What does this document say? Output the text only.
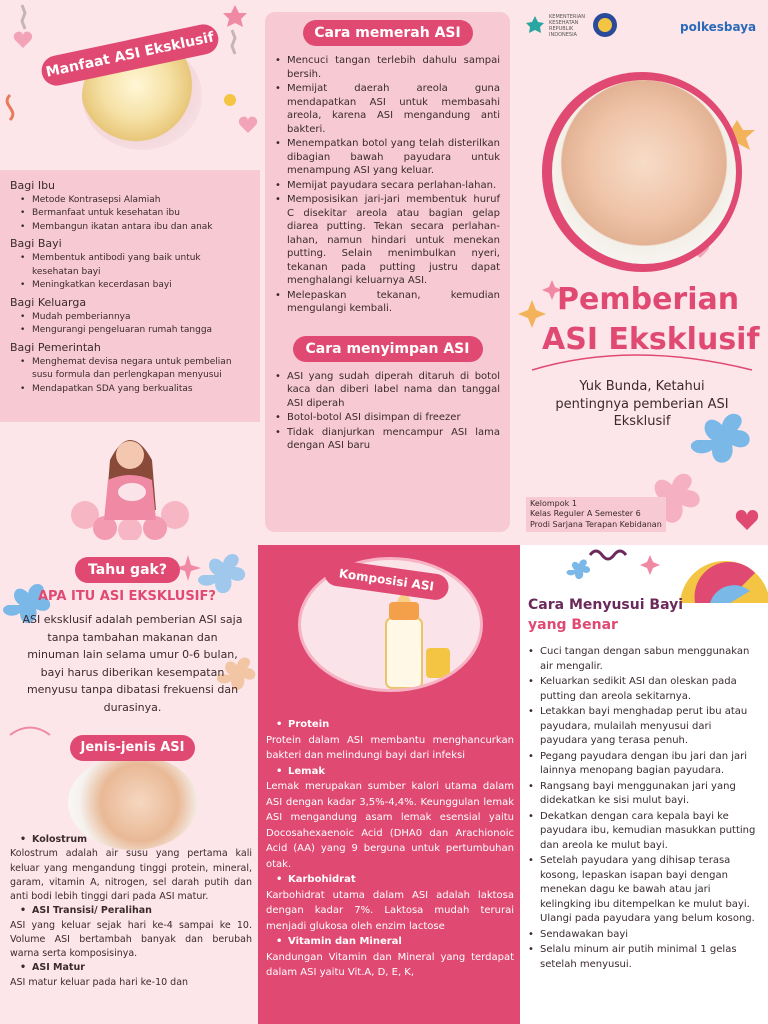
Manfaat ASI Eksklusif
Bagi Ibu
• Metode Kontrasepsi Alamiah
• Bermanfaat untuk kesehatan ibu
• Membangun ikatan antara ibu dan anak
Bagi Bayi
• Membentuk antibodi yang baik untuk kesehatan bayi
• Meningkatkan kecerdasan bayi
Bagi Keluarga
• Mudah pemberiannya
• Mengurangi pengeluaran rumah tangga
Bagi Pemerintah
• Menghemat devisa negara untuk pembelian susu formula dan perlengkapan menyusui
• Mendapatkan SDA yang berkualitas
Cara memerah ASI
• Mencuci tangan terlebih dahulu sampai bersih.
• Memijat daerah areola guna mendapatkan ASI untuk membasahi areola, karena ASI mengandung anti bakteri.
• Menempatkan botol yang telah disterilkan dibagian bawah payudara untuk menampung ASI yang keluar.
• Memijat payudara secara perlahan-lahan.
• Memposisikan jari-jari membentuk huruf C disekitar areola atau bagian gelap diarea putting. Tekan secara perlahan-lahan, namun hindari untuk menekan putting. Selain menimbulkan nyeri, tekanan pada putting justru dapat menghalangi keluarnya ASI.
• Melepaskan tekanan, kemudian mengulangi kembali.
Cara menyimpan ASI
• ASI yang sudah diperah ditaruh di botol kaca dan diberi label nama dan tanggal ASI diperah
• Botol-botol ASI disimpan di freezer
• Tidak dianjurkan mencampur ASI lama dengan ASI baru
KEMENTERIAN KESEHATAN REPUBLIK INDONESIA
polkesbaya
Pemberian
ASI Eksklusif
Yuk Bunda, Ketahui pentingnya pemberian ASI Eksklusif
Kelompok 1
Kelas Reguler A Semester 6
Prodi Sarjana Terapan Kebidanan
Tahu gak?
APA ITU ASI EKSKLUSIF?
ASI eksklusif adalah pemberian ASI saja tanpa tambahan makanan dan minuman lain selama umur 0-6 bulan, bayi harus diberikan kesempatan menyusu tanpa dibatasi frekuensi dan durasinya.
Jenis-jenis ASI
• Kolostrum
Kolostrum adalah air susu yang pertama kali keluar yang mengandung tinggi protein, mineral, garam, vitamin A, nitrogen, sel darah putih dan anti bodi lebih tinggi dari pada ASI matur.
• ASI Transisi/ Peralihan
ASI yang keluar sejak hari ke-4 sampai ke 10. Volume ASI bertambah banyak dan berubah warna serta komposisinya.
• ASI Matur
ASI matur keluar pada hari ke-10 dan
Komposisi ASI
• Protein
Protein dalam ASI membantu menghancurkan bakteri dan melindungi bayi dari infeksi
• Lemak
Lemak merupakan sumber kalori utama dalam ASI dengan kadar 3,5%-4,4%. Keunggulan lemak ASI mengandung asam lemak esensial yaitu Docosahexaenoic Acid (DHA0 dan Arachionoic Acid (AA) yang 9 berguna untuk pertumbuhan otak.
• Karbohidrat
Karbohidrat utama dalam ASI adalah laktosa dengan kadar 7%. Laktosa mudah terurai menjadi glukosa oleh enzim lactose
• Vitamin dan Mineral
Kandungan Vitamin dan Mineral yang terdapat dalam ASI yaitu Vit.A, D, E, K,
Cara Menyusui Bayi
yang Benar
• Cuci tangan dengan sabun menggunakan air mengalir.
• Keluarkan sedikit ASI dan oleskan pada putting dan areola sekitarnya.
• Letakkan bayi menghadap perut ibu atau payudara, mulailah menyusui dari payudara yang terasa penuh.
• Pegang payudara dengan ibu jari dan jari lainnya menopang bagian payudara.
• Rangsang bayi menggunakan jari yang didekatkan ke sisi mulut bayi.
• Dekatkan dengan cara kepala bayi ke payudara ibu, kemudian masukkan putting dan areola ke mulut bayi.
• Setelah payudara yang dihisap terasa kosong, lepaskan isapan bayi dengan menekan dagu ke bawah atau jari kelingking ibu ditempelkan ke mulut bayi. Ulangi pada payudara yang belum kosong.
• Sendawakan bayi
• Selalu minum air putih minimal 1 gelas setelah menyusui.
